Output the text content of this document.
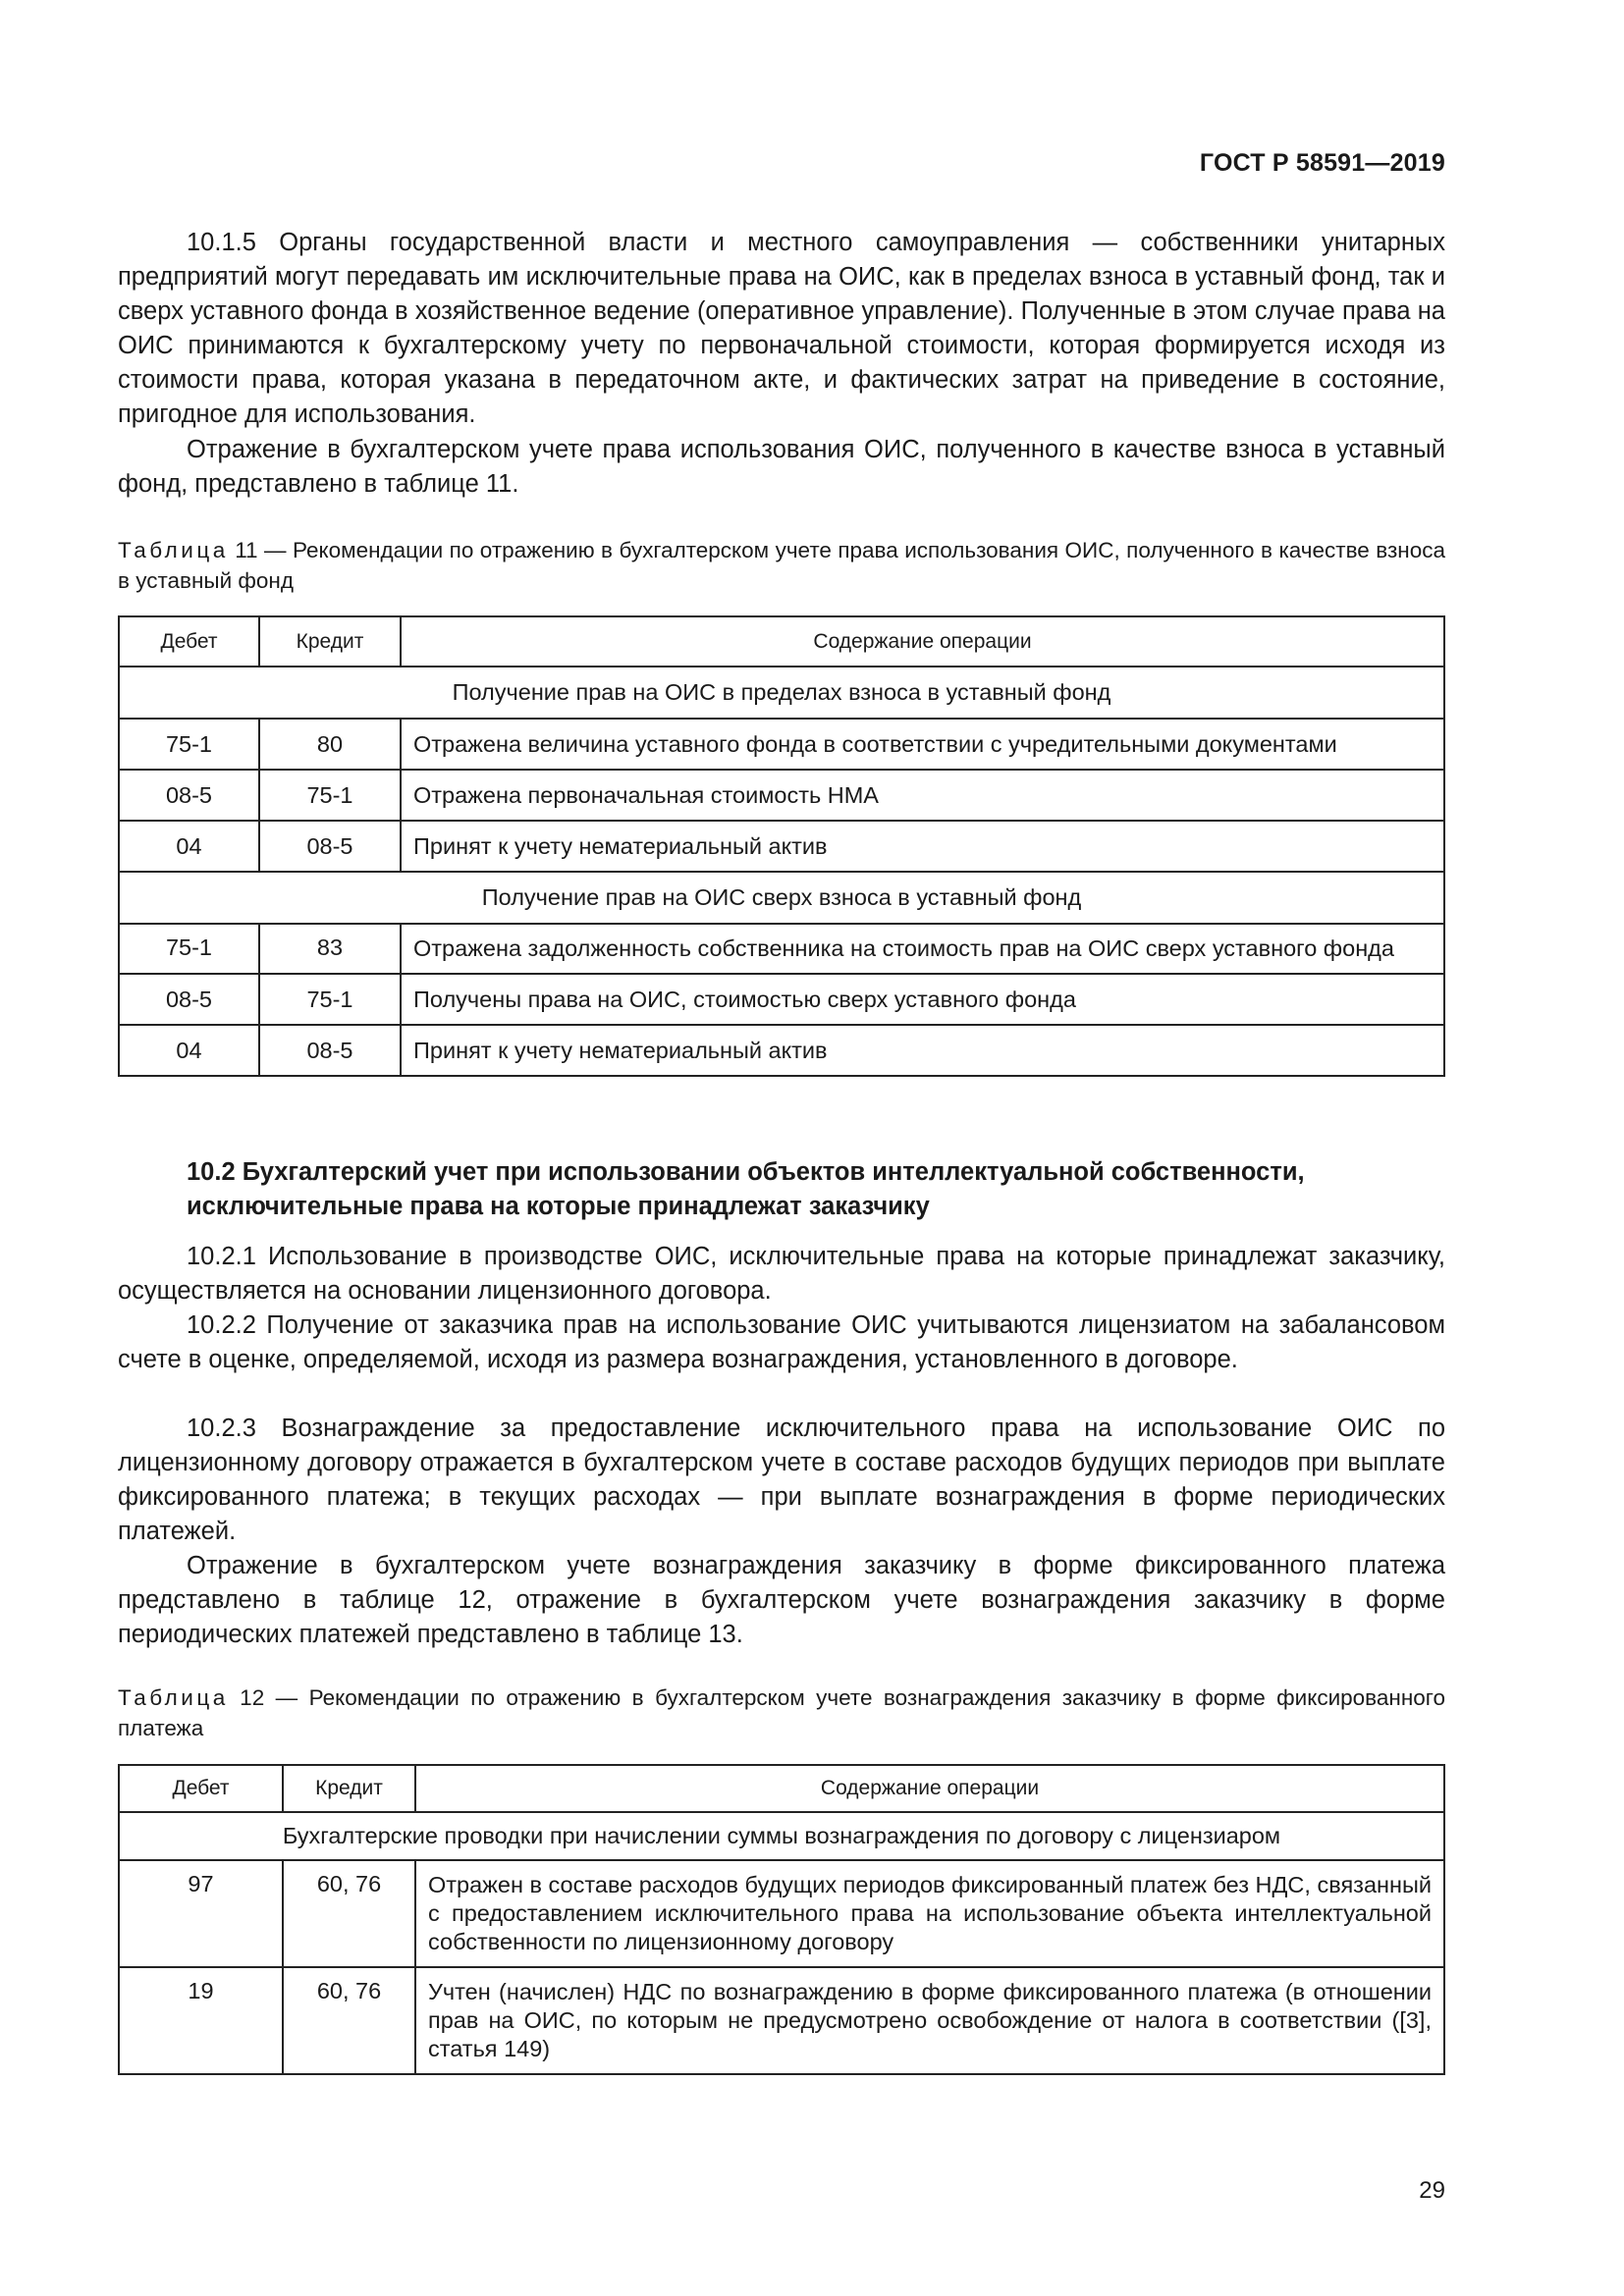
ГОСТ Р 58591—2019

10.1.5 Органы государственной власти и местного самоуправления — собственники унитарных предприятий могут передавать им исключительные права на ОИС, как в пределах взноса в уставный фонд, так и сверх уставного фонда в хозяйственное ведение (оперативное управление). Полученные в этом случае права на ОИС принимаются к бухгалтерскому учету по первоначальной стоимости, которая формируется исходя из стоимости права, которая указана в передаточном акте, и фактических затрат на приведение в состояние, пригодное для использования.

Отражение в бухгалтерском учете права использования ОИС, полученного в качестве взноса в уставный фонд, представлено в таблице 11.

Таблица 11 — Рекомендации по отражению в бухгалтерском учете права использования ОИС, полученного в качестве взноса в уставный фонд

Дебет	Кредит	Содержание операции
Получение прав на ОИС в пределах взноса в уставный фонд		
75-1	80	Отражена величина уставного фонда в соответствии с учредительными документами
08-5	75-1	Отражена первоначальная стоимость НМА
04	08-5	Принят к учету нематериальный актив
Получение прав на ОИС сверх взноса в уставный фонд		
75-1	83	Отражена задолженность собственника на стоимость прав на ОИС сверх уставного фонда
08-5	75-1	Получены права на ОИС, стоимостью сверх уставного фонда
04	08-5	Принят к учету нематериальный актив

10.2 Бухгалтерский учет при использовании объектов интеллектуальной собственности, исключительные права на которые принадлежат заказчику

10.2.1 Использование в производстве ОИС, исключительные права на которые принадлежат заказчику, осуществляется на основании лицензионного договора.

10.2.2 Получение от заказчика прав на использование ОИС учитываются лицензиатом на забалансовом счете в оценке, определяемой, исходя из размера вознаграждения, установленного в договоре.

10.2.3 Вознаграждение за предоставление исключительного права на использование ОИС по лицензионному договору отражается в бухгалтерском учете в составе расходов будущих периодов при выплате фиксированного платежа; в текущих расходах — при выплате вознаграждения в форме периодических платежей.

Отражение в бухгалтерском учете вознаграждения заказчику в форме фиксированного платежа представлено в таблице 12, отражение в бухгалтерском учете вознаграждения заказчику в форме периодических платежей представлено в таблице 13.

Таблица 12 — Рекомендации по отражению в бухгалтерском учете вознаграждения заказчику в форме фиксированного платежа

Дебет	Кредит	Содержание операции
Бухгалтерские проводки при начислении суммы вознаграждения по договору с лицензиаром		
97	60, 76	Отражен в составе расходов будущих периодов фиксированный платеж без НДС, связанный с предоставлением исключительного права на использование объекта интеллектуальной собственности по лицензионному договору
19	60, 76	Учтен (начислен) НДС по вознаграждению в форме фиксированного платежа (в отношении прав на ОИС, по которым не предусмотрено освобождение от налога в соответствии ([3], статья 149)
29
